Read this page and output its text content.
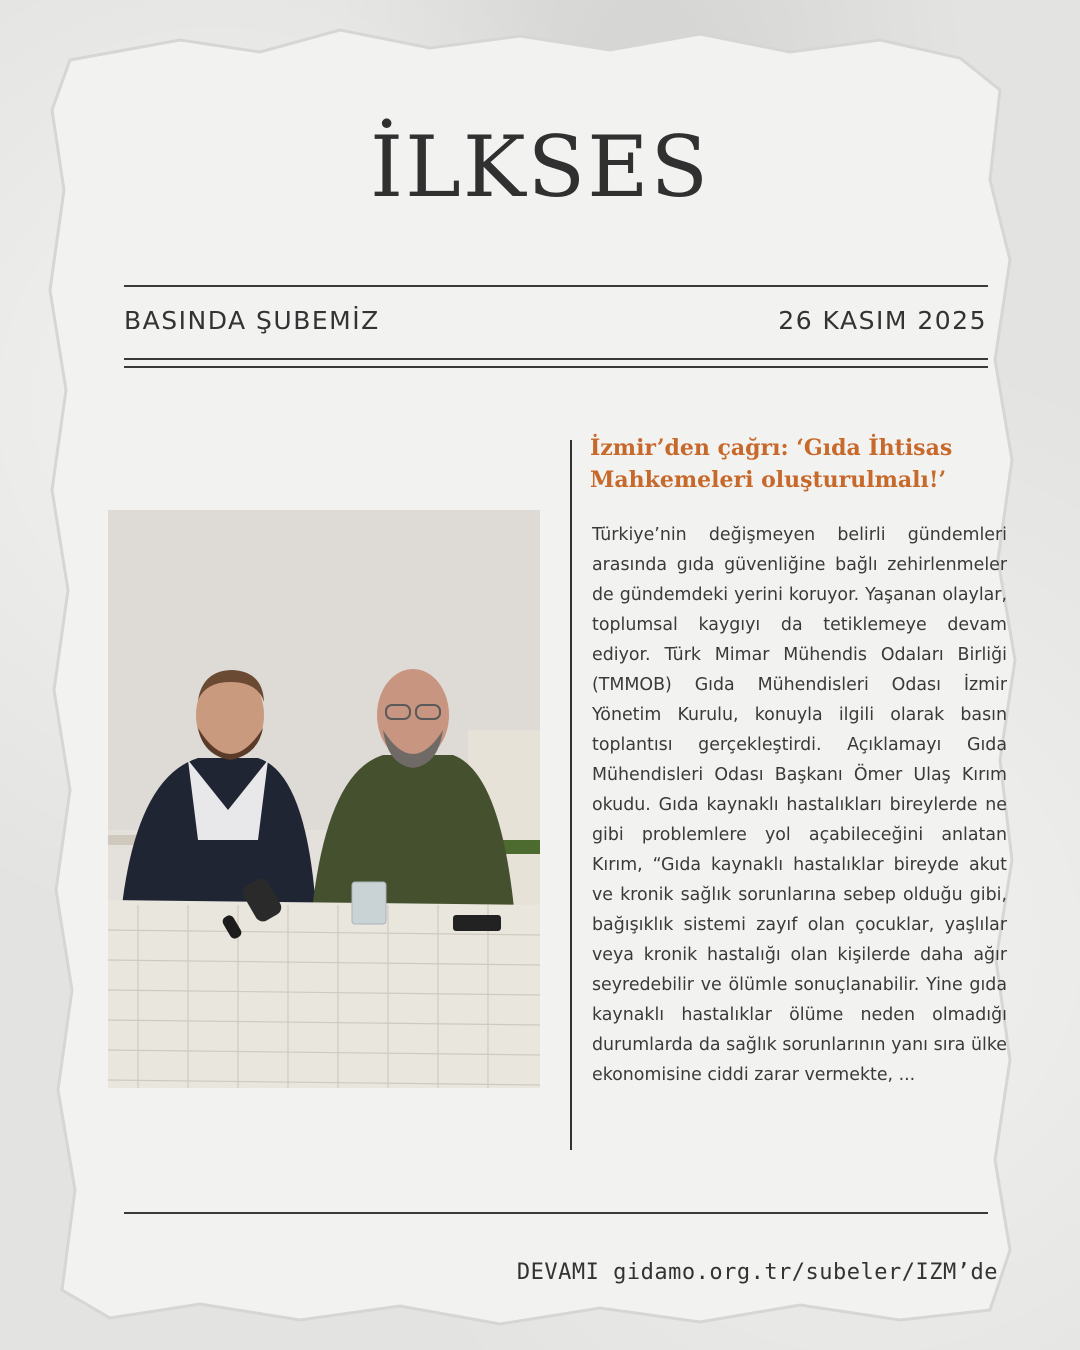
İLKSES
BASINDA ŞUBEMİZ	26 KASIM 2025
İzmir’den çağrı: ‘Gıda İhtisas Mahkemeleri oluşturulmalı!’
Türkiye’nin değişmeyen belirli gündemleri arasında gıda güvenliğine bağlı zehirlenmeler de gündemdeki yerini koruyor. Yaşanan olaylar, toplumsal kaygıyı da tetiklemeye devam ediyor. Türk Mimar Mühendis Odaları Birliği (TMMOB) Gıda Mühendisleri Odası İzmir Yönetim Kurulu, konuyla ilgili olarak basın toplantısı gerçekleştirdi. Açıklamayı Gıda Mühendisleri Odası Başkanı Ömer Ulaş Kırım okudu. Gıda kaynaklı hastalıkları bireylerde ne gibi problemlere yol açabileceğini anlatan Kırım, “Gıda kaynaklı hastalıklar bireyde akut ve kronik sağlık sorunlarına sebep olduğu gibi, bağışıklık sistemi zayıf olan çocuklar, yaşlılar veya kronik hastalığı olan kişilerde daha ağır seyredebilir ve ölümle sonuçlanabilir. Yine gıda kaynaklı hastalıklar ölüme neden olmadığı durumlarda da sağlık sorunlarının yanı sıra ülke ekonomisine ciddi zarar vermekte, ...
DEVAMI gidamo.org.tr/subeler/IZM’de
